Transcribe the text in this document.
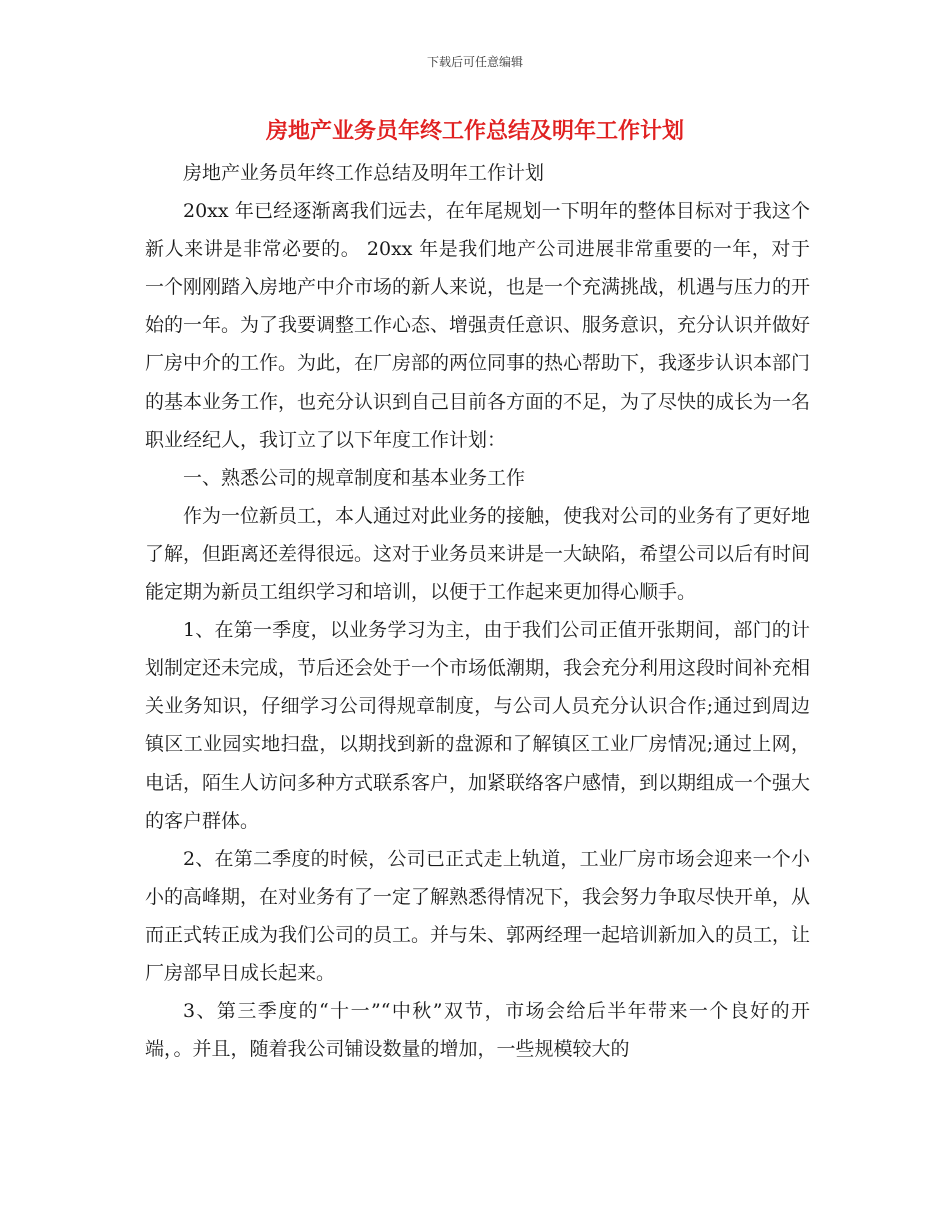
下载后可任意编辑
房地产业务员年终工作总结及明年工作计划

房地产业务员年终工作总结及明年工作计划

20xx 年已经逐渐离我们远去，在年尾规划一下明年的整体目标对于我这个新人来讲是非常必要的。 20xx 年是我们地产公司进展非常重要的一年，对于一个刚刚踏入房地产中介市场的新人来说，也是一个充满挑战，机遇与压力的开始的一年。为了我要调整工作心态、增强责任意识、服务意识，充分认识并做好厂房中介的工作。为此，在厂房部的两位同事的热心帮助下，我逐步认识本部门的基本业务工作，也充分认识到自己目前各方面的不足，为了尽快的成长为一名职业经纪人，我订立了以下年度工作计划：

一、熟悉公司的规章制度和基本业务工作

作为一位新员工，本人通过对此业务的接触，使我对公司的业务有了更好地了解，但距离还差得很远。这对于业务员来讲是一大缺陷，希望公司以后有时间能定期为新员工组织学习和培训，以便于工作起来更加得心顺手。

1、在第一季度，以业务学习为主，由于我们公司正值开张期间，部门的计划制定还未完成，节后还会处于一个市场低潮期，我会充分利用这段时间补充相关业务知识，仔细学习公司得规章制度，与公司人员充分认识合作;通过到周边镇区工业园实地扫盘，以期找到新的盘源和了解镇区工业厂房情况;通过上网，电话，陌生人访问多种方式联系客户，加紧联络客户感情，到以期组成一个强大的客户群体。

2、在第二季度的时候，公司已正式走上轨道，工业厂房市场会迎来一个小小的高峰期，在对业务有了一定了解熟悉得情况下，我会努力争取尽快开单，从而正式转正成为我们公司的员工。并与朱、郭两经理一起培训新加入的员工，让厂房部早日成长起来。

3、第三季度的“十一”“中秋”双节，市场会给后半年带来一个良好的开端，。并且，随着我公司铺设数量的增加，一些规模较大的
